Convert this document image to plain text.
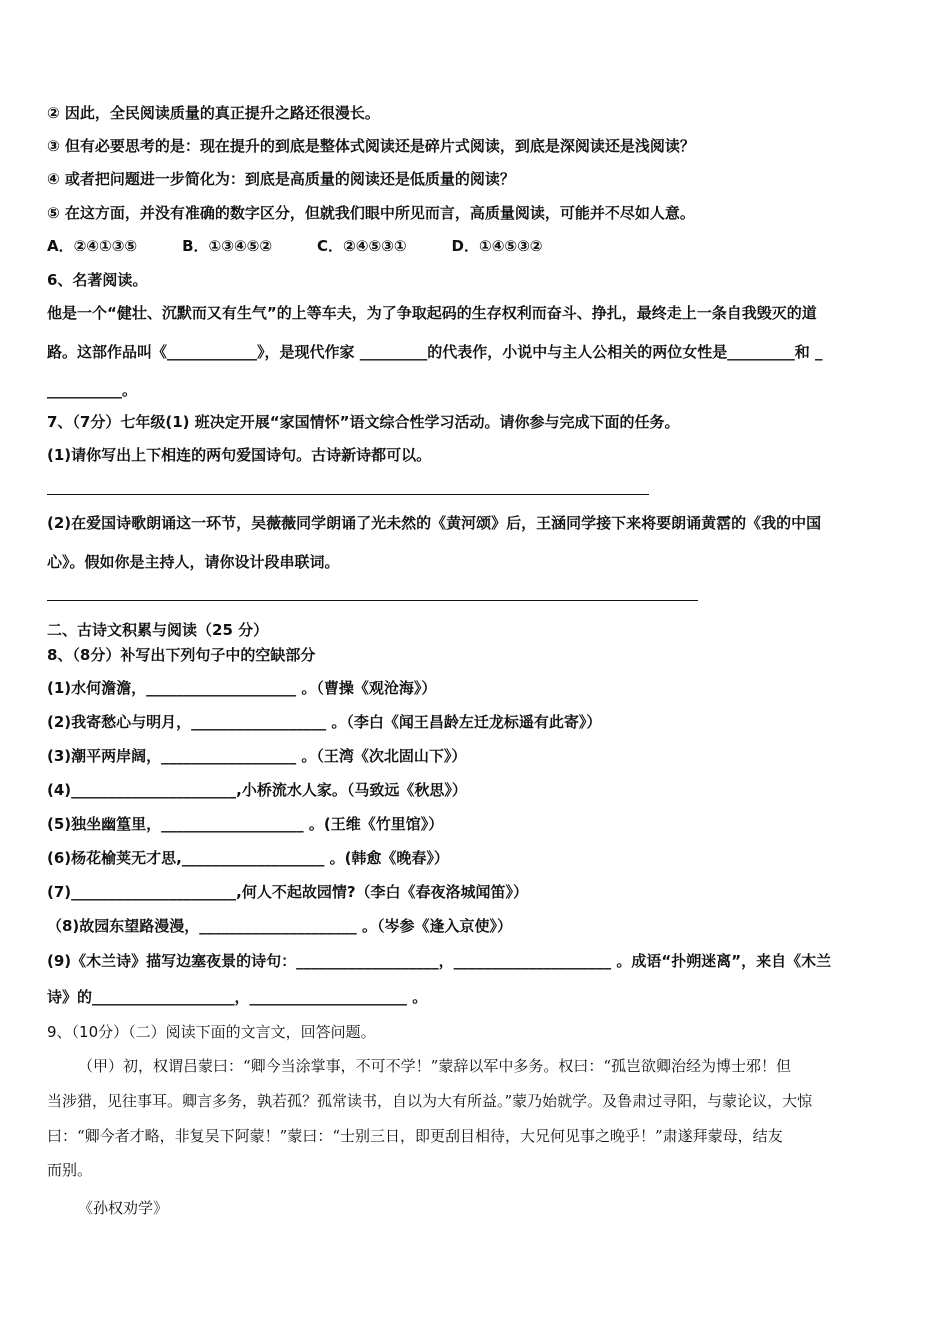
② 因此，全民阅读质量的真正提升之路还很漫长。
③ 但有必要思考的是：现在提升的到底是整体式阅读还是碎片式阅读，到底是深阅读还是浅阅读？
④ 或者把问题进一步简化为：到底是高质量的阅读还是低质量的阅读？
⑤ 在这方面，并没有准确的数字区分，但就我们眼中所见而言，高质量阅读，可能并不尽如人意。
A．②④①③⑤　　　B．①③④⑤②　　　C．②④⑤③①　　　D．①④⑤③②
6、名著阅读。
他是一个“健壮、沉默而又有生气”的上等车夫，为了争取起码的生存权利而奋斗、挣扎，最终走上一条自我毁灭的道
路。这部作品叫《____________》，是现代作家 _________的代表作，小说中与主人公相关的两位女性是_________和 _
__________。
7、（7分）七年级(1) 班决定开展“家国情怀”语文综合性学习活动。请你参与完成下面的任务。
(1)请你写出上下相连的两句爱国诗句。古诗新诗都可以。
(2)在爱国诗歌朗诵这一环节，吴薇薇同学朗诵了光未然的《黄河颂》后，王涵同学接下来将要朗诵黄霑的《我的中国
心》。假如你是主持人，请你设计段串联词。
二、古诗文积累与阅读（25 分）
8、（8分）补写出下列句子中的空缺部分
(1)水何澹澹，____________________ 。（曹操《观沧海》）
(2)我寄愁心与明月，__________________ 。（李白《闻王昌龄左迁龙标遥有此寄》）
(3)潮平两岸阔，__________________ 。（王湾《次北固山下》）
(4)______________________,小桥流水人家。（马致远《秋思》）
(5)独坐幽篁里，___________________ 。(王维《竹里馆》）
(6)杨花榆荚无才思,___________________ 。(韩愈《晚春》）
(7)______________________,何人不起故园情?（李白《春夜洛城闻笛》）
（8)故园东望路漫漫，_____________________ 。（岑参《逢入京使》）
(9)《木兰诗》描写边塞夜景的诗句：___________________，_____________________ 。成语“扑朔迷离”，来自《木兰
诗》的___________________，_____________________ 。
9、（10分）（二）阅读下面的文言文，回答问题。
（甲）初，权谓吕蒙曰：“卿今当涂掌事，不可不学！”蒙辞以军中多务。权曰：“孤岂欲卿治经为博士邪！但
当涉猎，见往事耳。卿言多务，孰若孤？孤常读书，自以为大有所益。”蒙乃始就学。及鲁肃过寻阳，与蒙论议，大惊
曰：“卿今者才略，非复吴下阿蒙！”蒙曰：“士别三日，即更刮目相待，大兄何见事之晚乎！”肃遂拜蒙母，结友
而别。
《孙权劝学》
